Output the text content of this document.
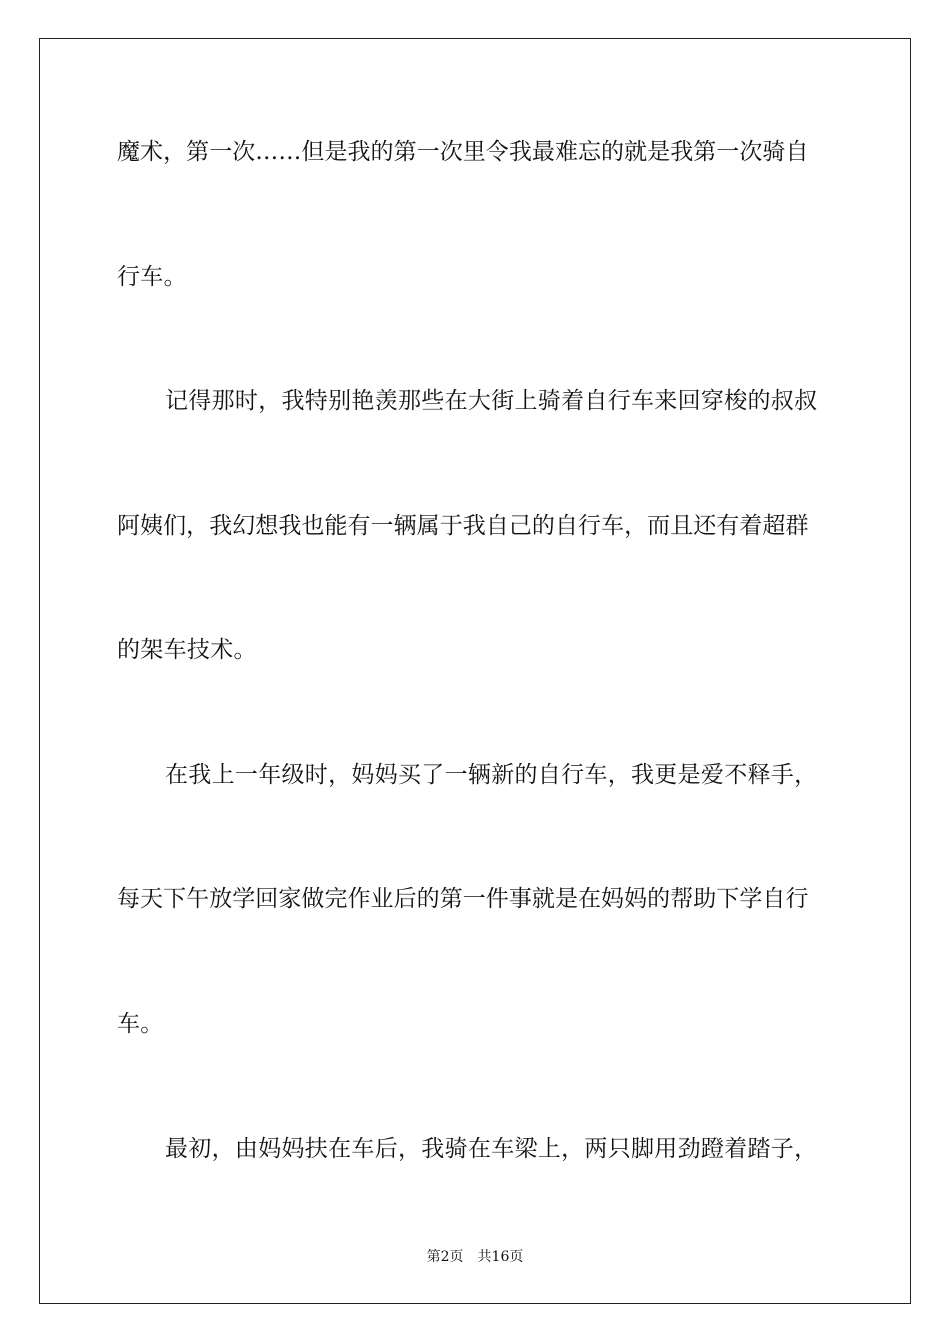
魔术，第一次……但是我的第一次里令我最难忘的就是我第一次骑自
行车。
记得那时，我特别艳羡那些在大街上骑着自行车来回穿梭的叔叔
阿姨们，我幻想我也能有一辆属于我自己的自行车，而且还有着超群
的架车技术。
在我上一年级时，妈妈买了一辆新的自行车，我更是爱不释手，
每天下午放学回家做完作业后的第一件事就是在妈妈的帮助下学自行
车。
最初，由妈妈扶在车后，我骑在车梁上，两只脚用劲蹬着踏子，
第2页 共16页
